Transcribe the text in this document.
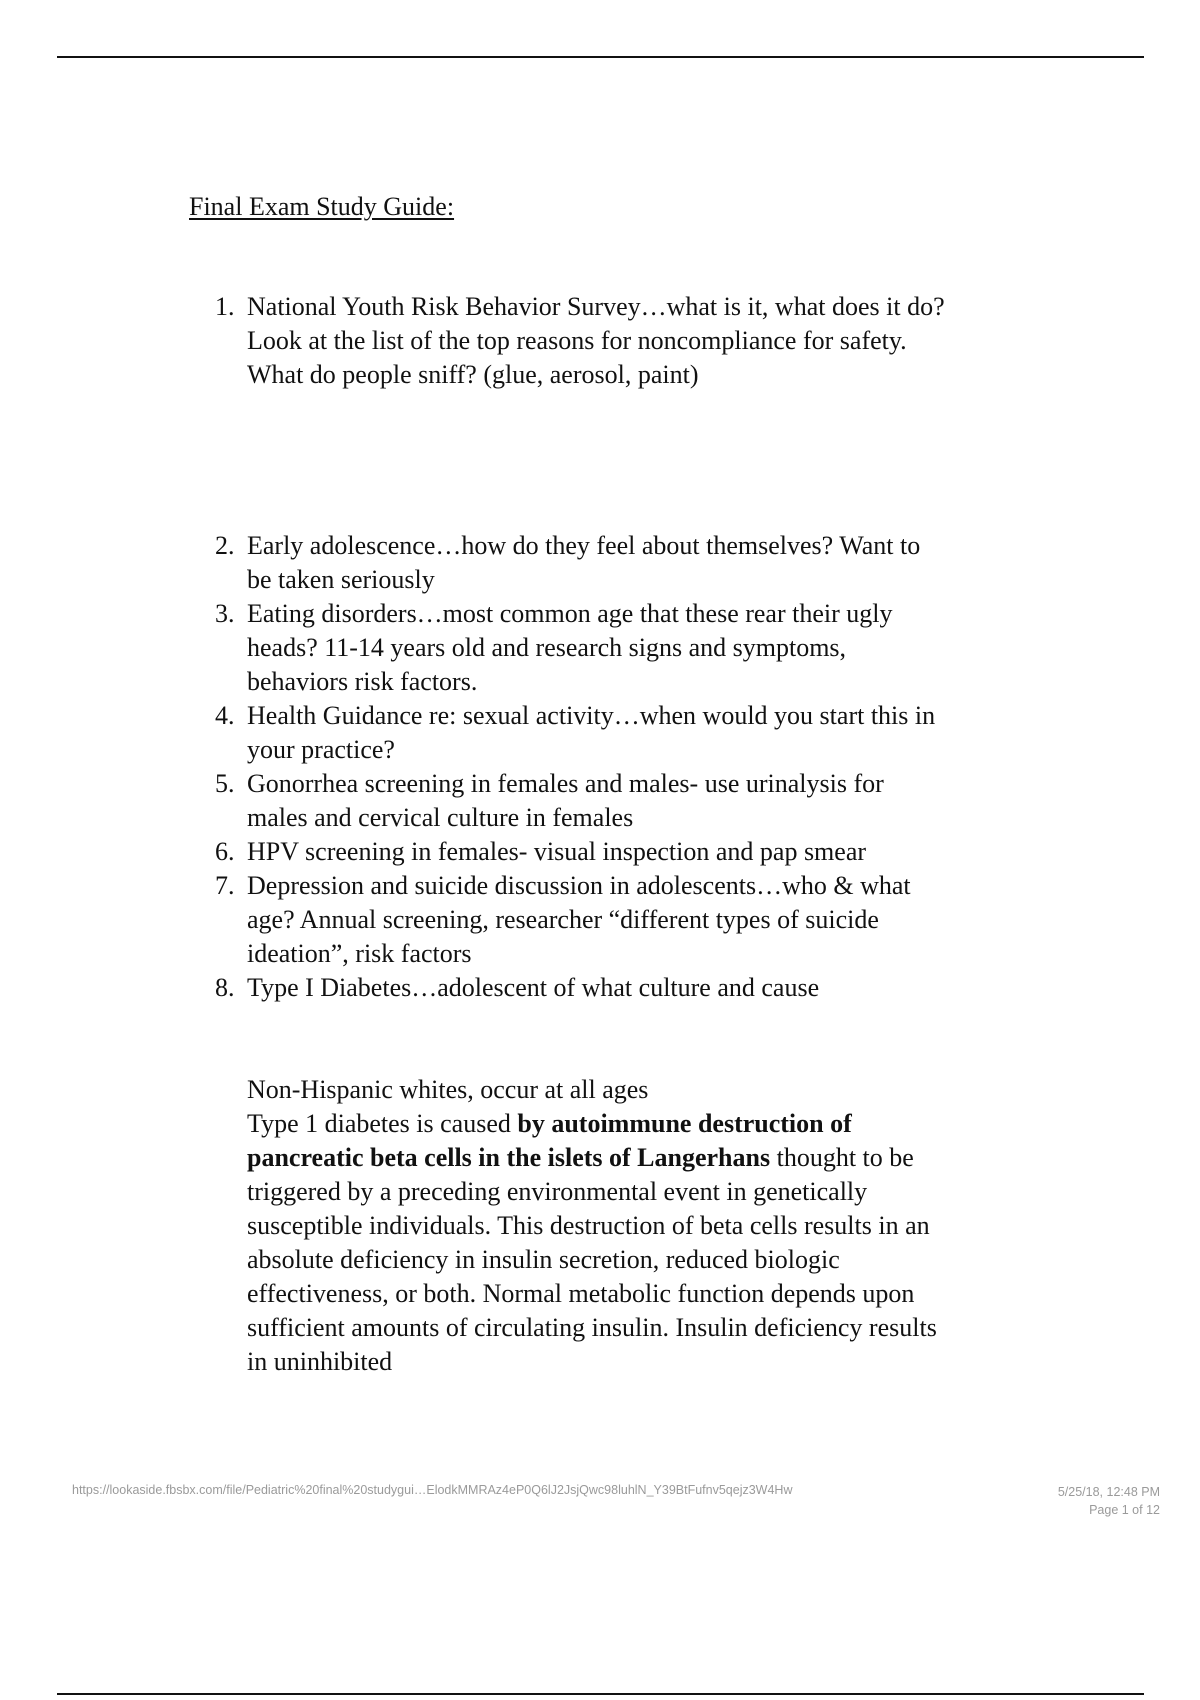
Final Exam Study Guide:
1. National Youth Risk Behavior Survey…what is it, what does it do? Look at the list of the top reasons for noncompliance for safety. What do people sniff? (glue, aerosol, paint)
2. Early adolescence…how do they feel about themselves? Want to be taken seriously
3. Eating disorders…most common age that these rear their ugly heads? 11-14 years old and research signs and symptoms, behaviors risk factors.
4. Health Guidance re: sexual activity…when would you start this in your practice?
5. Gonorrhea screening in females and males- use urinalysis for males and cervical culture in females
6. HPV screening in females- visual inspection and pap smear
7. Depression and suicide discussion in adolescents…who & what age? Annual screening, researcher “different types of suicide ideation”, risk factors
8. Type I Diabetes…adolescent of what culture and cause

Non-Hispanic whites, occur at all ages

Type 1 diabetes is caused by autoimmune destruction of pancreatic beta cells in the islets of Langerhans thought to be triggered by a preceding environmental event in genetically susceptible individuals. This destruction of beta cells results in an absolute deficiency in insulin secretion, reduced biologic effectiveness, or both. Normal metabolic function depends upon sufficient amounts of circulating insulin. Insulin deficiency results in uninhibited

https://lookaside.fbsbx.com/file/Pediatric%20final%20studygui…ElodkMMRAz4eP0Q6lJ2JsjQwc98luhlN_Y39BtFufnv5qejz3W4Hw	5/25/18, 12:48 PM
Page 1 of 12
